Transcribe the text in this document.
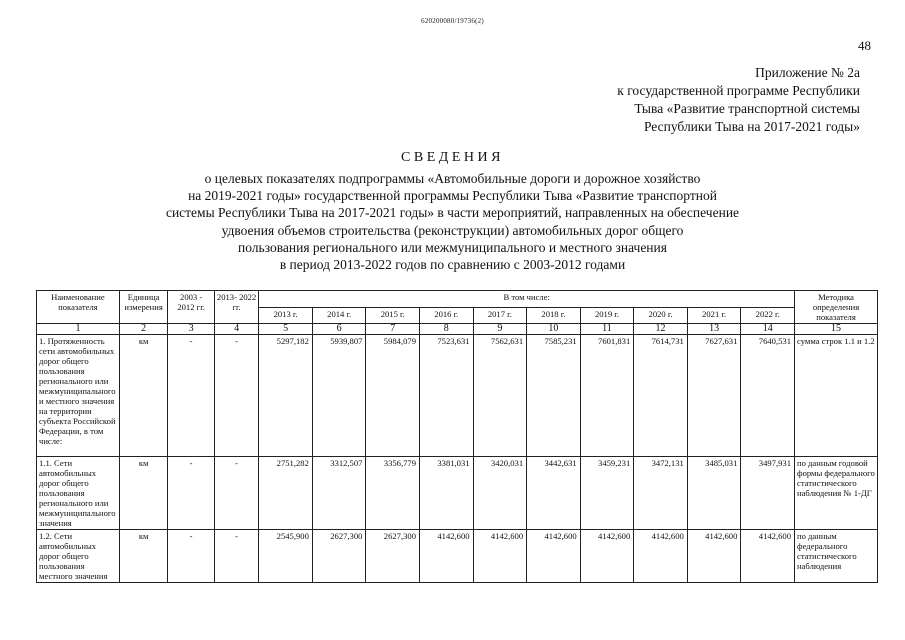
620200080/19736(2)
48
Приложение № 2а
к государственной программе Республики
Тыва «Развитие транспортной системы
Республики Тыва на 2017-2021 годы»
СВЕДЕНИЯ
о целевых показателях подпрограммы «Автомобильные дороги и дорожное хозяйство
на 2019-2021 годы» государственной программы Республики Тыва «Развитие транспортной
системы Республики Тыва на 2017-2021 годы» в части мероприятий, направленных на обеспечение
удвоения объемов строительства (реконструкции) автомобильных дорог общего
пользования регионального или межмуниципального и местного значения
в период 2013-2022 годов по сравнению с 2003-2012 годами
Наименование показателя	Единица измерения	2003 - 2012 гг.	2013- 2022 гг.	В том числе:										Методика определения показателя
				2013 г.	2014 г.	2015 г.	2016 г.	2017 г.	2018 г.	2019 г.	2020 г.	2021 г.	2022 г.	
1	2	3	4	5	6	7	8	9	10	11	12	13	14	15
1. Протяженность сети автомобильных дорог общего пользования регионального или межмуниципального и местного значения на территории субъекта Российской Федерации, в том числе:	км	-	-	5297,182	5939,807	5984,079	7523,631	7562,631	7585,231	7601,831	7614,731	7627,631	7640,531	сумма строк 1.1 и 1.2
1.1. Сети автомобильных дорог общего пользования регионального или межмуниципального значения	км	-	-	2751,282	3312,507	3356,779	3381,031	3420,031	3442,631	3459,231	3472,131	3485,031	3497,931	по данным годовой формы федерального статистического наблюдения № 1-ДГ
1.2. Сети автомобильных дорог общего пользования местного значения	км	-	-	2545,900	2627,300	2627,300	4142,600	4142,600	4142,600	4142,600	4142,600	4142,600	4142,600	по данным федерального статистического наблюдения
